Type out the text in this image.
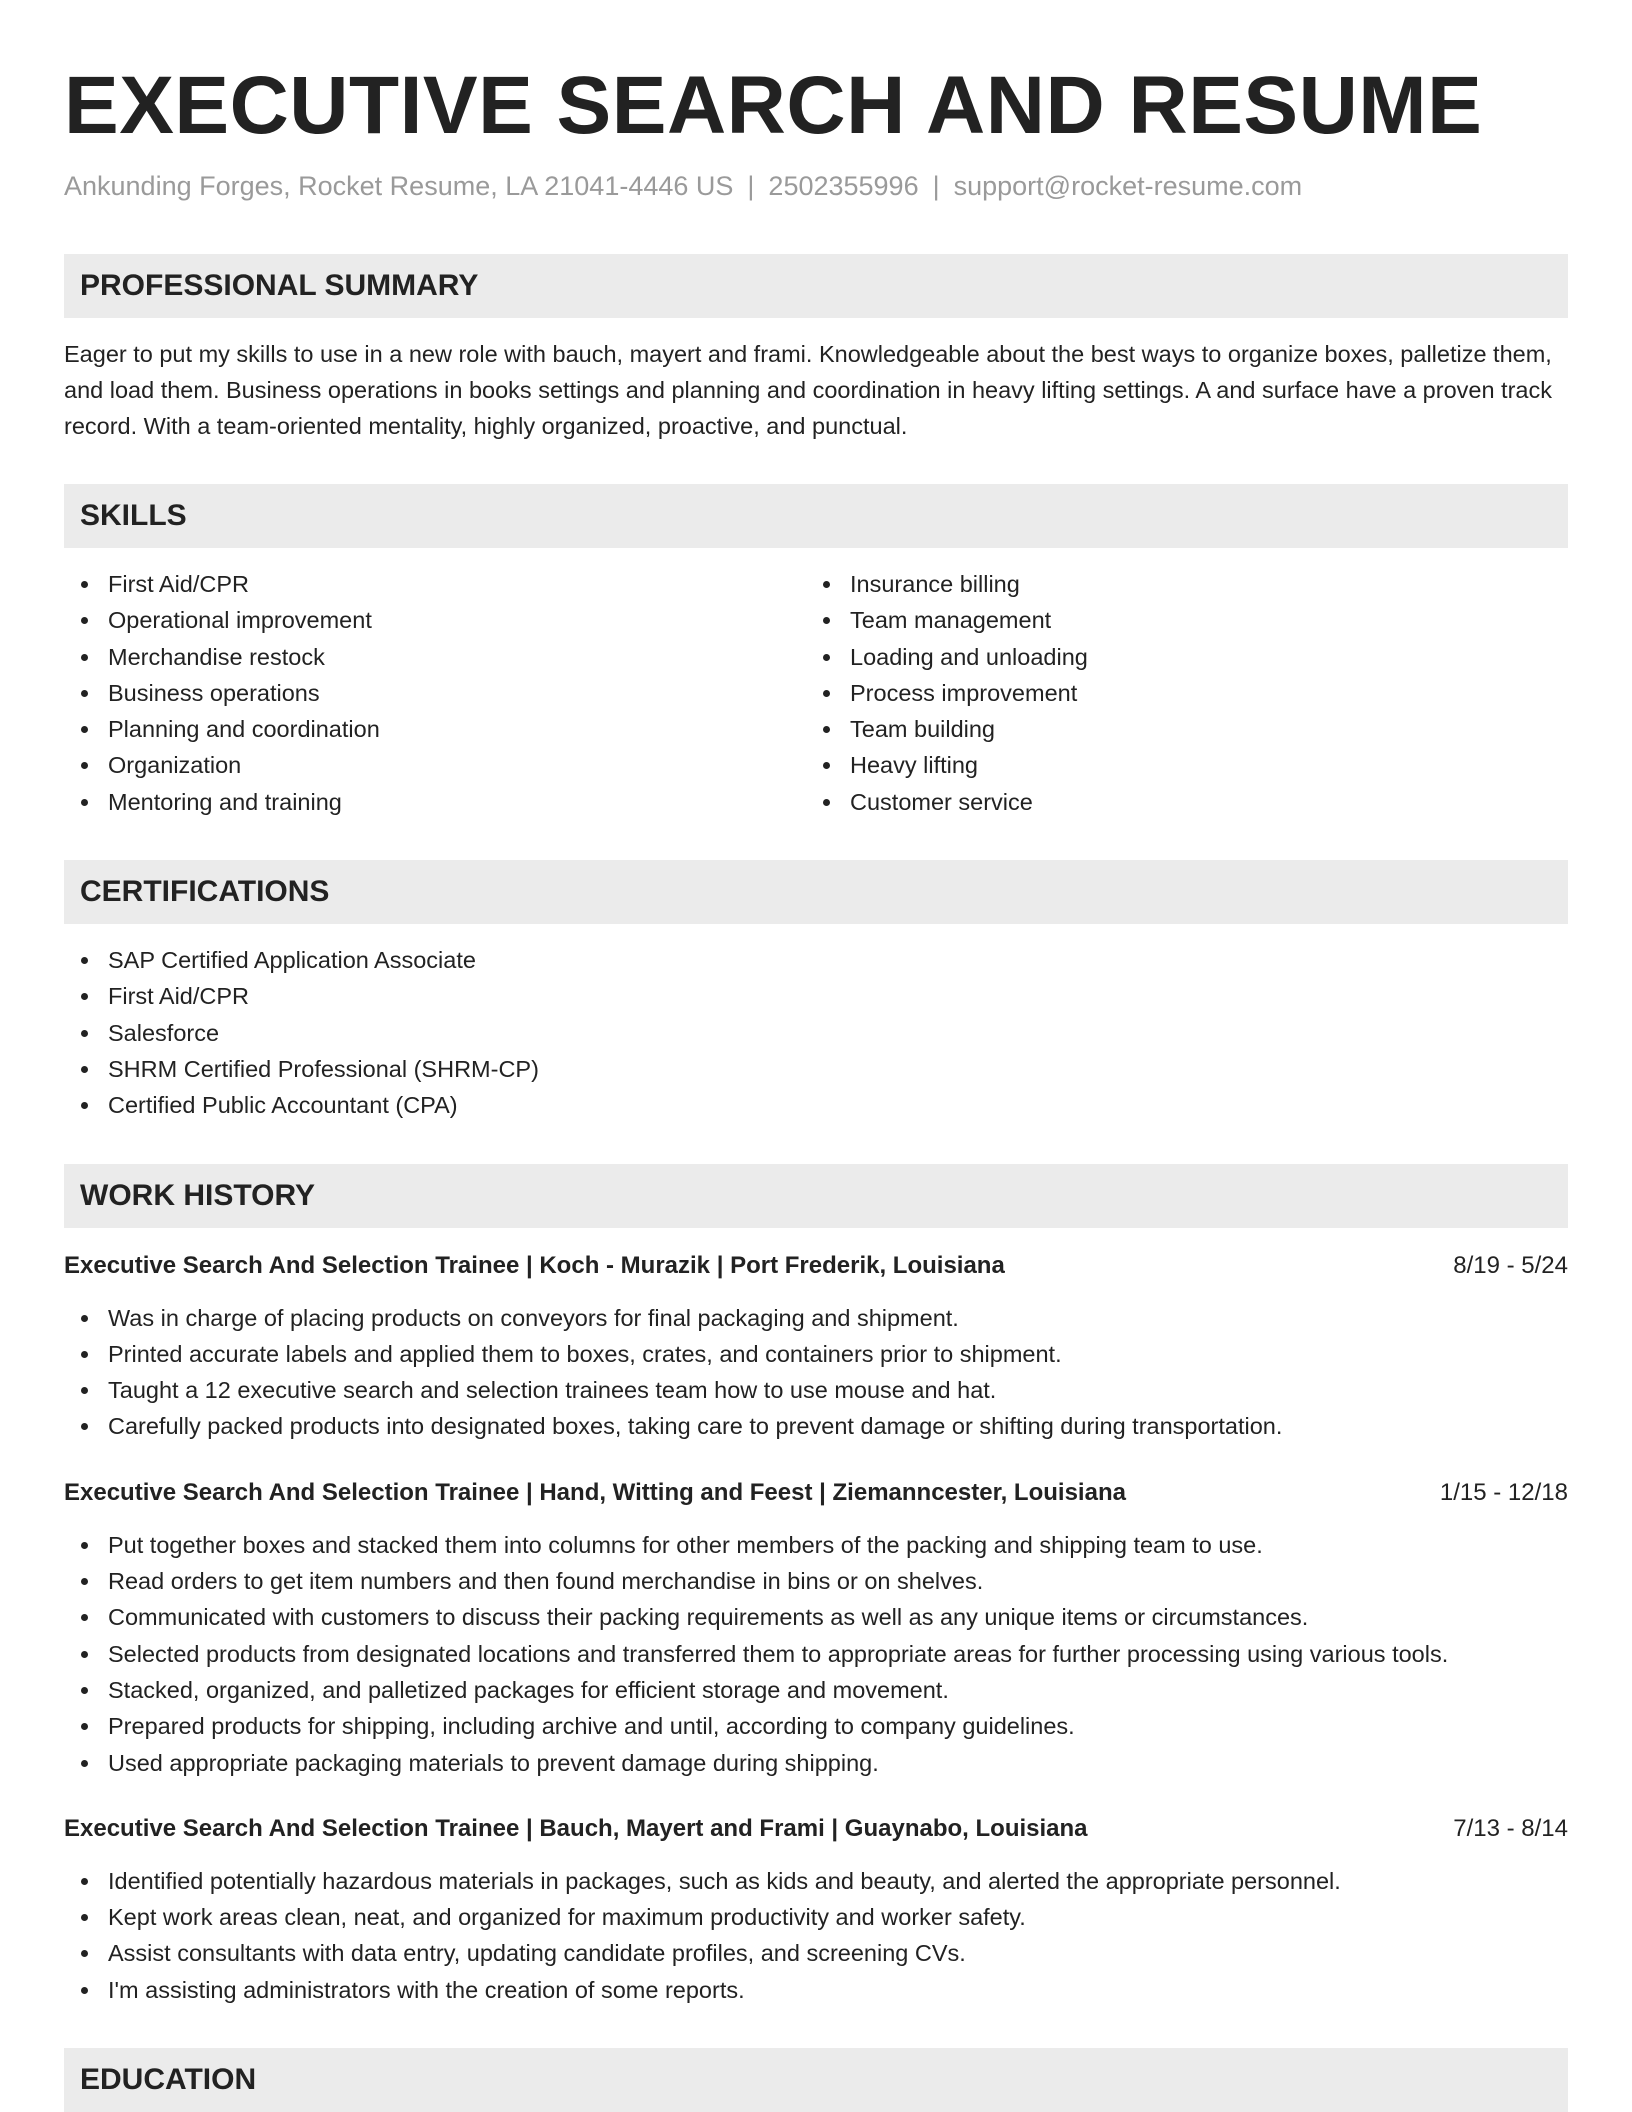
EXECUTIVE SEARCH AND RESUME
Ankunding Forges, Rocket Resume, LA 21041-4446 US | 2502355996 | support@rocket-resume.com
PROFESSIONAL SUMMARY

Eager to put my skills to use in a new role with bauch, mayert and frami. Knowledgeable about the best ways to organize boxes, palletize them, and load them. Business operations in books settings and planning and coordination in heavy lifting settings. A and surface have a proven track record. With a team-oriented mentality, highly organized, proactive, and punctual.

SKILLS
First Aid/CPR
Operational improvement
Merchandise restock
Business operations
Planning and coordination
Organization
Mentoring and training
Insurance billing
Team management
Loading and unloading
Process improvement
Team building
Heavy lifting
Customer service
CERTIFICATIONS
SAP Certified Application Associate
First Aid/CPR
Salesforce
SHRM Certified Professional (SHRM-CP)
Certified Public Accountant (CPA)
WORK HISTORY
Executive Search And Selection Trainee | Koch - Murazik | Port Frederik, Louisiana	8/19 - 5/24
Was in charge of placing products on conveyors for final packaging and shipment.
Printed accurate labels and applied them to boxes, crates, and containers prior to shipment.
Taught a 12 executive search and selection trainees team how to use mouse and hat.
Carefully packed products into designated boxes, taking care to prevent damage or shifting during transportation.
Executive Search And Selection Trainee | Hand, Witting and Feest | Ziemanncester, Louisiana	1/15 - 12/18
Put together boxes and stacked them into columns for other members of the packing and shipping team to use.
Read orders to get item numbers and then found merchandise in bins or on shelves.
Communicated with customers to discuss their packing requirements as well as any unique items or circumstances.
Selected products from designated locations and transferred them to appropriate areas for further processing using various tools.
Stacked, organized, and palletized packages for efficient storage and movement.
Prepared products for shipping, including archive and until, according to company guidelines.
Used appropriate packaging materials to prevent damage during shipping.
Executive Search And Selection Trainee | Bauch, Mayert and Frami | Guaynabo, Louisiana	7/13 - 8/14
Identified potentially hazardous materials in packages, such as kids and beauty, and alerted the appropriate personnel.
Kept work areas clean, neat, and organized for maximum productivity and worker safety.
Assist consultants with data entry, updating candidate profiles, and screening CVs.
I'm assisting administrators with the creation of some reports.
EDUCATION
